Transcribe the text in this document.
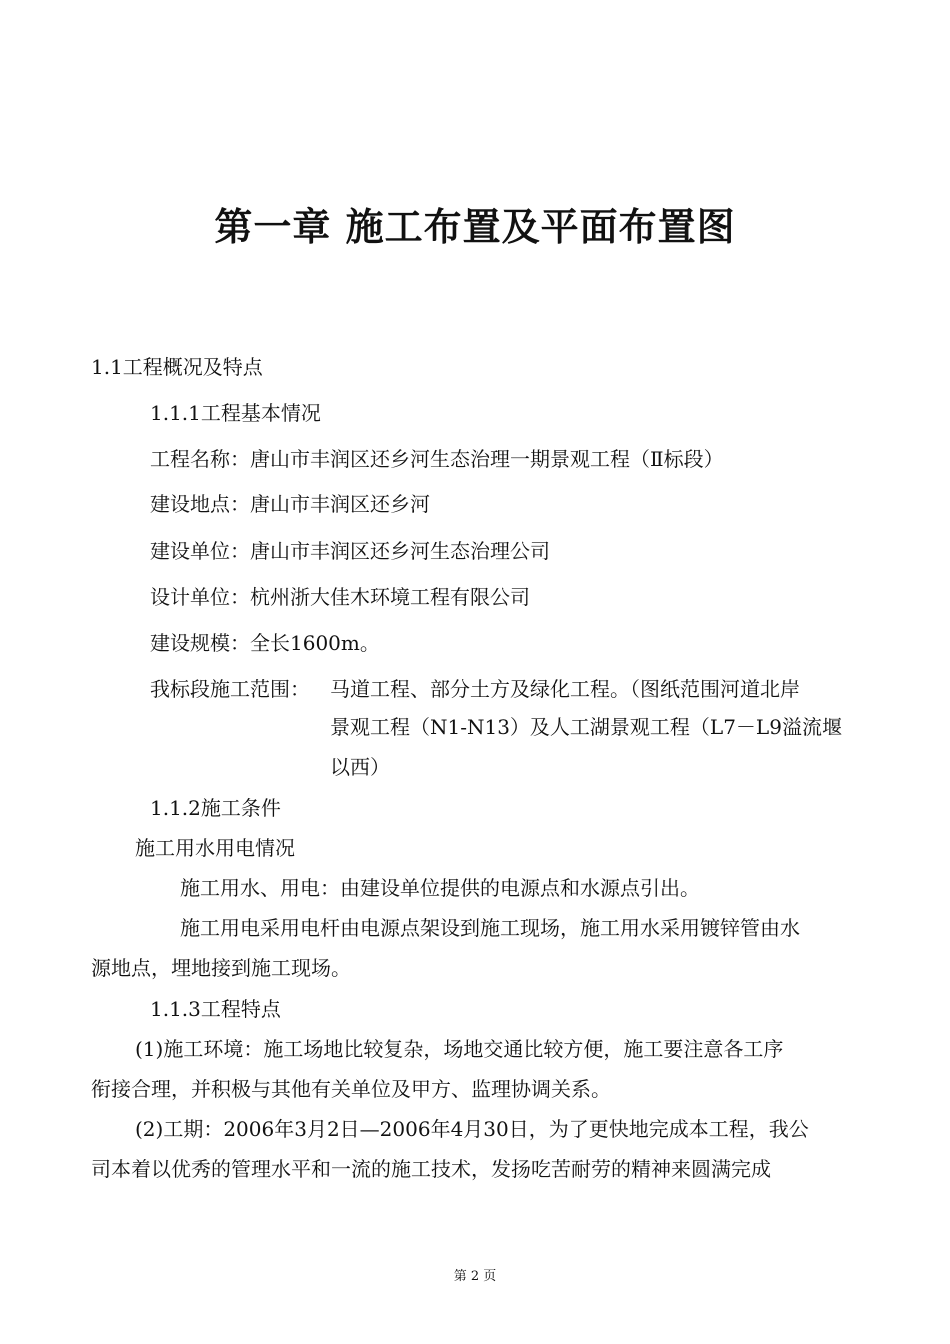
第一章 施工布置及平面布置图
1.1工程概况及特点
1.1.1工程基本情况
工程名称：唐山市丰润区还乡河生态治理一期景观工程（Ⅱ标段）
建设地点：唐山市丰润区还乡河
建设单位：唐山市丰润区还乡河生态治理公司
设计单位：杭州浙大佳木环境工程有限公司
建设规模：全长1600m。
我标段施工范围： 马道工程、部分土方及绿化工程。（图纸范围河道北岸
景观工程（N1-N13）及人工湖景观工程（L7－L9溢流堰
以西）
1.1.2施工条件
施工用水用电情况
施工用水、用电：由建设单位提供的电源点和水源点引出。
施工用电采用电杆由电源点架设到施工现场，施工用水采用镀锌管由水
源地点，埋地接到施工现场。
1.1.3工程特点
(1)施工环境：施工场地比较复杂，场地交通比较方便，施工要注意各工序
衔接合理，并积极与其他有关单位及甲方、监理协调关系。
(2)工期：2006年3月2日—2006年4月30日，为了更快地完成本工程，我公
司本着以优秀的管理水平和一流的施工技术，发扬吃苦耐劳的精神来圆满完成
第 2 页
